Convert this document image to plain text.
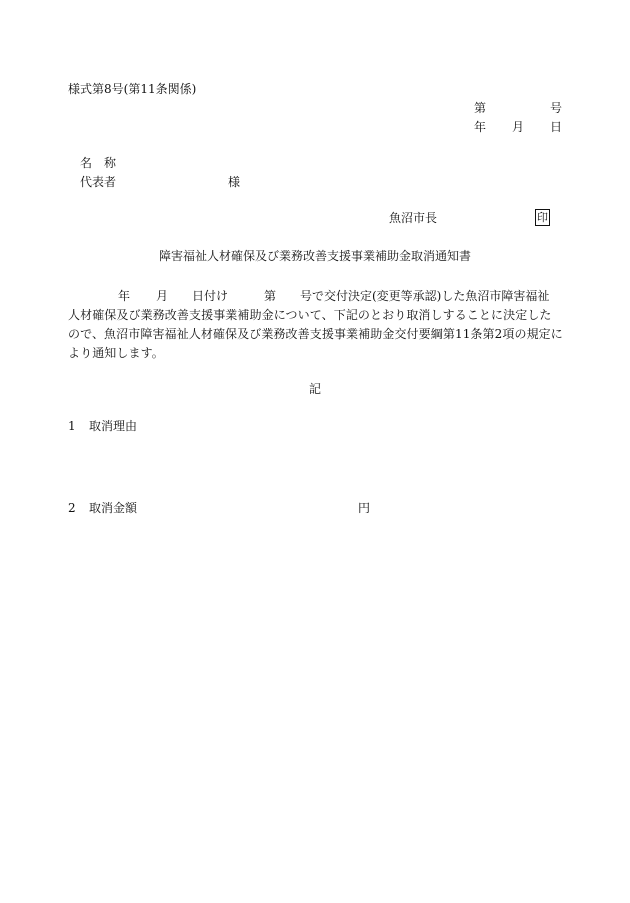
様式第8号(第11条関係)
第	号
年 月 日
名　称
代表者	様
魚沼市長	印
障害福祉人材確保及び業務改善支援事業補助金取消通知書
年 月 日付け	第 号で交付決定(変更等承認)した魚沼市障害福祉
人材確保及び業務改善支援事業補助金について、下記のとおり取消しすることに決定した
ので、魚沼市障害福祉人材確保及び業務改善支援事業補助金交付要綱第11条第2項の規定に
より通知します。
記
1 取消理由
2 取消金額	円
